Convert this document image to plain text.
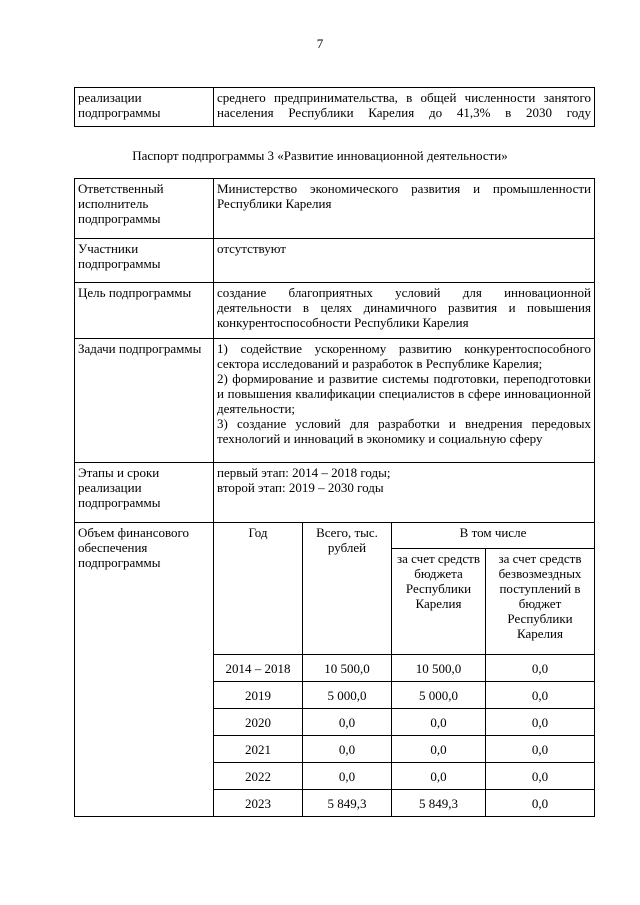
7
реализации подпрограммы	среднего предпринимательства, в общей численности занятого населения Республики Карелия до 41,3% в 2030 году
Паспорт подпрограммы 3 «Развитие инновационной деятельности»
Ответственный исполнитель подпрограммы	Министерство экономического развития и промышленности Республики Карелия			
Участники подпрограммы	отсутствуют			
Цель подпрограммы	создание благоприятных условий для инновационной деятельности в целях динамичного развития и повышения конкурентоспособности Республики Карелия			
Задачи подпрограммы	1) содействие ускоренному развитию конкурентоспособного сектора исследований и разработок в Республике Карелия;
2) формирование и развитие системы подготовки, переподготовки и повышения квалификации специалистов в сфере инновационной деятельности;
3) создание условий для разработки и внедрения передовых технологий и инноваций в экономику и социальную сферу			

Этапы и сроки реализации подпрограммы	первый этап: 2014 – 2018 годы;
второй этап: 2019 – 2030 годы			

Объем финансового обеспечения подпрограммы	Год	Всего, тыс. рублей	В том числе	
			за счет средств бюджета Республики Карелия	за счет средств безвозмездных поступлений в бюджет Республики Карелия
	2014 – 2018	10 500,0	10 500,0	0,0
	2019	5 000,0	5 000,0	0,0
	2020	0,0	0,0	0,0
	2021	0,0	0,0	0,0
	2022	0,0	0,0	0,0
	2023	5 849,3	5 849,3	0,0
